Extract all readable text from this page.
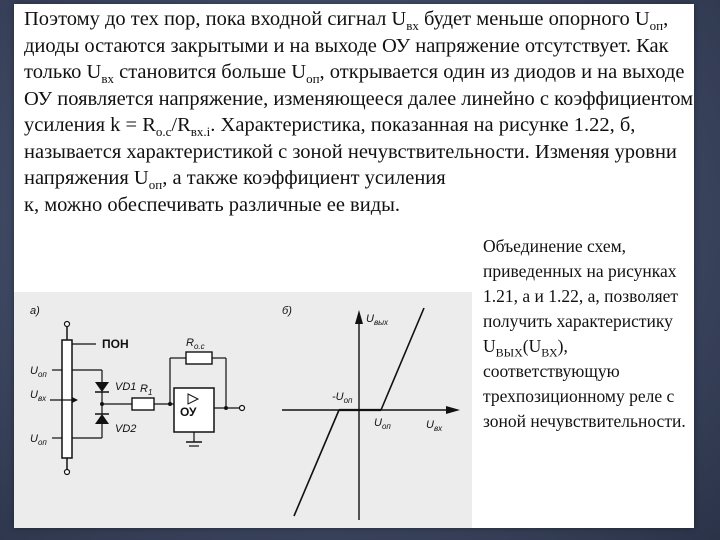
Поэтому до тех пор, пока входной сигнал $U_{вх}$ будет меньше опорного $U_{оп}$, диоды остаются закрытыми и на выходе ОУ напряжение отсутствует. Как только $U_{вх}$ становится больше $U_{оп}$, открывается один из диодов и на выходе ОУ появляется напряжение, изменяющееся далее линейно с коэффициентом усиления $k = R_{о.с}/R_{вх.i}$. Характеристика, показанная на рисунке 1.22, б, называется характеристикой с зоной нечувствительности. Изменяя уровни напряжения $U_{оп}$, а также коэффициент усиления
к, можно обеспечивать различные ее виды.

Объединение схем, приведенных на рисунках 1.21, а и 1.22, а, позволяет получить характеристику $U_{ВЫХ}(U_{ВХ})$, соответствующую трехпозиционному реле с зоной нечувствительности.

а)
ПОН
$U_{оп}$
$U_{оп}$
$U_{вх}$
VD1
VD2
$R_1$
$R_{о.с}$
ОУ
б)
$U_{вых}$
$U_{вх}$
$-U_{оп}$
$U_{оп}$
